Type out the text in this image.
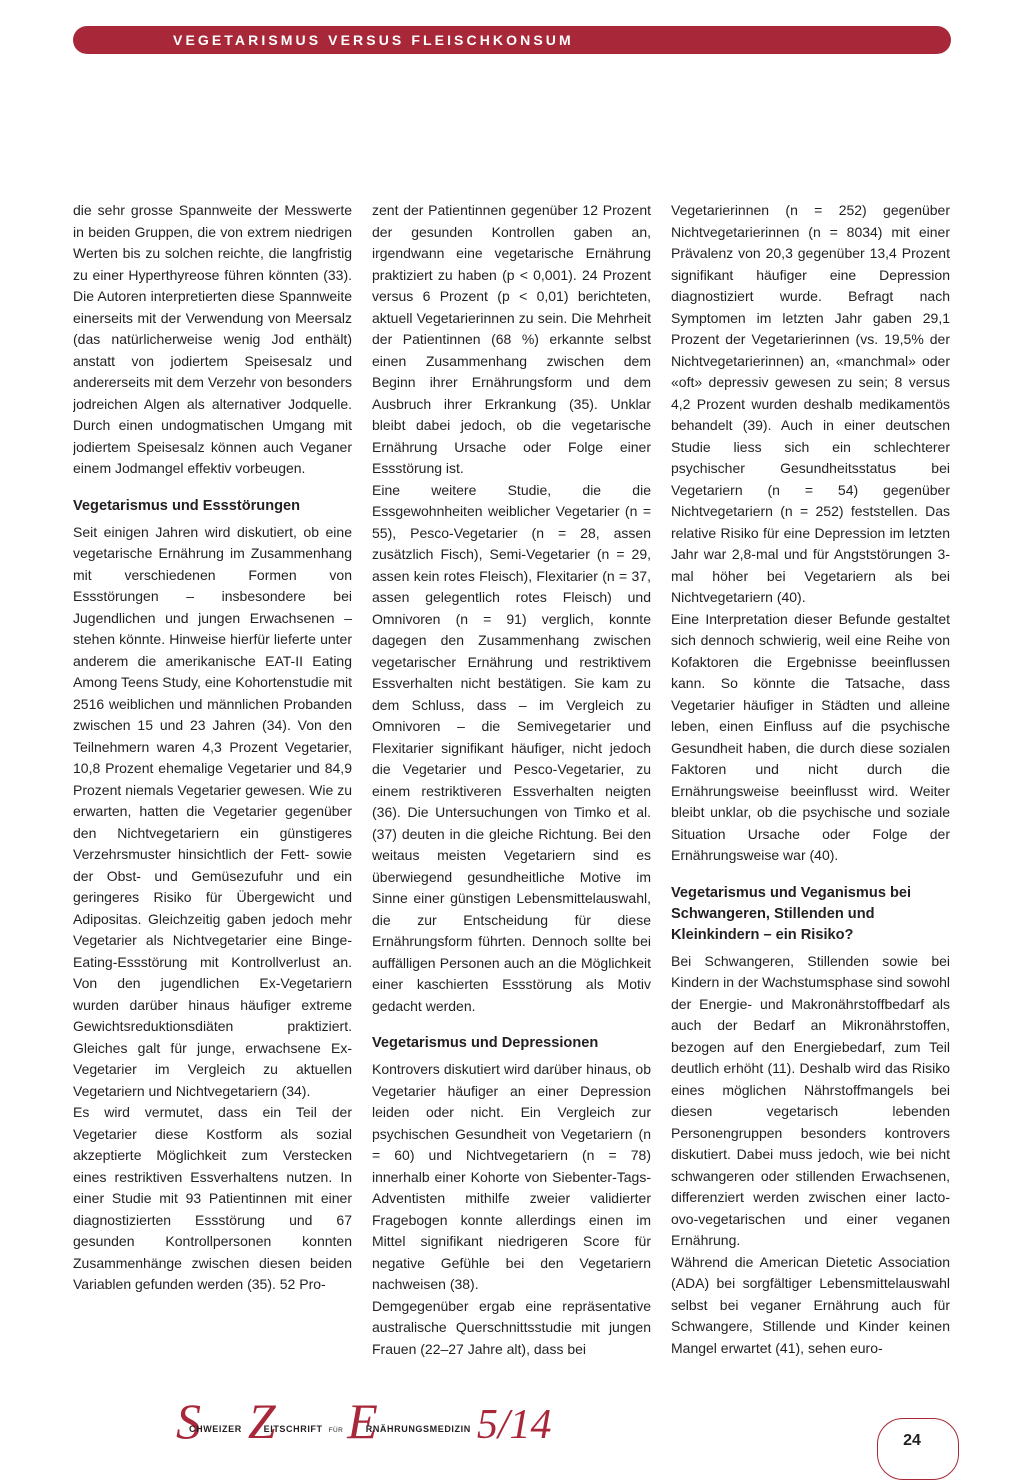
VEGETARISMUS VERSUS FLEISCHKONSUM

die sehr grosse Spannweite der Messwerte in beiden Gruppen, die von extrem niedrigen Werten bis zu solchen reichte, die langfristig zu einer Hyperthyreose führen könnten (33). Die Autoren interpretierten diese Spannweite einerseits mit der Verwendung von Meersalz (das natürlicherweise wenig Jod enthält) anstatt von jodiertem Speisesalz und andererseits mit dem Verzehr von besonders jodreichen Algen als alternativer Jodquelle. Durch einen undogmatischen Umgang mit jodiertem Speisesalz können auch Veganer einem Jodmangel effektiv vorbeugen.

Vegetarismus und Essstörungen

Seit einigen Jahren wird diskutiert, ob eine vegetarische Ernährung im Zusammenhang mit verschiedenen Formen von Essstörungen – insbesondere bei Jugendlichen und jungen Erwachsenen – stehen könnte. Hinweise hierfür lieferte unter anderem die amerikanische EAT-II Eating Among Teens Study, eine Kohortenstudie mit 2516 weiblichen und männlichen Probanden zwischen 15 und 23 Jahren (34). Von den Teilnehmern waren 4,3 Prozent Vegetarier, 10,8 Prozent ehemalige Vegetarier und 84,9 Prozent niemals Vegetarier gewesen. Wie zu erwarten, hatten die Vegetarier gegenüber den Nichtvegetariern ein günstigeres Verzehrsmuster hinsichtlich der Fett- sowie der Obst- und Gemüsezufuhr und ein geringeres Risiko für Übergewicht und Adipositas. Gleichzeitig gaben jedoch mehr Vegetarier als Nichtvegetarier eine Binge-Eating-Essstörung mit Kontrollverlust an. Von den jugendlichen Ex-Vegetariern wurden darüber hinaus häufiger extreme Gewichtsreduktionsdiäten praktiziert. Gleiches galt für junge, erwachsene Ex-Vegetarier im Vergleich zu aktuellen Vegetariern und Nichtvegetariern (34).

Es wird vermutet, dass ein Teil der Vegetarier diese Kostform als sozial akzeptierte Möglichkeit zum Verstecken eines restriktiven Essverhaltens nutzen. In einer Studie mit 93 Patientinnen mit einer diagnostizierten Essstörung und 67 gesunden Kontrollpersonen konnten Zusammenhänge zwischen diesen beiden Variablen gefunden werden (35). 52 Pro-

zent der Patientinnen gegenüber 12 Prozent der gesunden Kontrollen gaben an, irgendwann eine vegetarische Ernährung praktiziert zu haben (p < 0,001). 24 Prozent versus 6 Prozent (p < 0,01) berichteten, aktuell Vegetarierinnen zu sein. Die Mehrheit der Patientinnen (68 %) erkannte selbst einen Zusammenhang zwischen dem Beginn ihrer Ernährungsform und dem Ausbruch ihrer Erkrankung (35). Unklar bleibt dabei jedoch, ob die vegetarische Ernährung Ursache oder Folge einer Essstörung ist.

Eine weitere Studie, die die Essgewohnheiten weiblicher Vegetarier (n = 55), Pesco-Vegetarier (n = 28, assen zusätzlich Fisch), Semi-Vegetarier (n = 29, assen kein rotes Fleisch), Flexitarier (n = 37, assen gelegentlich rotes Fleisch) und Omnivoren (n = 91) verglich, konnte dagegen den Zusammenhang zwischen vegetarischer Ernährung und restriktivem Essverhalten nicht bestätigen. Sie kam zu dem Schluss, dass – im Vergleich zu Omnivoren – die Semivegetarier und Flexitarier signifikant häufiger, nicht jedoch die Vegetarier und Pesco-Vegetarier, zu einem restriktiveren Essverhalten neigten (36). Die Untersuchungen von Timko et al. (37) deuten in die gleiche Richtung. Bei den weitaus meisten Vegetariern sind es überwiegend gesundheitliche Motive im Sinne einer günstigen Lebensmittelauswahl, die zur Entscheidung für diese Ernährungsform führten. Dennoch sollte bei auffälligen Personen auch an die Möglichkeit einer kaschierten Essstörung als Motiv gedacht werden.

Vegetarismus und Depressionen

Kontrovers diskutiert wird darüber hinaus, ob Vegetarier häufiger an einer Depression leiden oder nicht. Ein Vergleich zur psychischen Gesundheit von Vegetariern (n = 60) und Nichtvegetariern (n = 78) innerhalb einer Kohorte von Siebenter-Tags-Adventisten mithilfe zweier validierter Fragebogen konnte allerdings einen im Mittel signifikant niedrigeren Score für negative Gefühle bei den Vegetariern nachweisen (38).

Demgegenüber ergab eine repräsentative australische Querschnittsstudie mit jungen Frauen (22–27 Jahre alt), dass bei

Vegetarierinnen (n = 252) gegenüber Nichtvegetarierinnen (n = 8034) mit einer Prävalenz von 20,3 gegenüber 13,4 Prozent signifikant häufiger eine Depression diagnostiziert wurde. Befragt nach Symptomen im letzten Jahr gaben 29,1 Prozent der Vegetarierinnen (vs. 19,5% der Nichtvegetarierinnen) an, «manchmal» oder «oft» depressiv gewesen zu sein; 8 versus 4,2 Prozent wurden deshalb medikamentös behandelt (39). Auch in einer deutschen Studie liess sich ein schlechterer psychischer Gesundheitsstatus bei Vegetariern (n = 54) gegenüber Nichtvegetariern (n = 252) feststellen. Das relative Risiko für eine Depression im letzten Jahr war 2,8-mal und für Angststörungen 3-mal höher bei Vegetariern als bei Nichtvegetariern (40).

Eine Interpretation dieser Befunde gestaltet sich dennoch schwierig, weil eine Reihe von Kofaktoren die Ergebnisse beeinflussen kann. So könnte die Tatsache, dass Vegetarier häufiger in Städten und alleine leben, einen Einfluss auf die psychische Gesundheit haben, die durch diese sozialen Faktoren und nicht durch die Ernährungsweise beeinflusst wird. Weiter bleibt unklar, ob die psychische und soziale Situation Ursache oder Folge der Ernährungsweise war (40).

Vegetarismus und Veganismus bei Schwangeren, Stillenden und Kleinkindern – ein Risiko?

Bei Schwangeren, Stillenden sowie bei Kindern in der Wachstumsphase sind sowohl der Energie- und Makronährstoffbedarf als auch der Bedarf an Mikronährstoffen, bezogen auf den Energiebedarf, zum Teil deutlich erhöht (11). Deshalb wird das Risiko eines möglichen Nährstoffmangels bei diesen vegetarisch lebenden Personengruppen besonders kontrovers diskutiert. Dabei muss jedoch, wie bei nicht schwangeren oder stillenden Erwachsenen, differenziert werden zwischen einer lacto-ovo-vegetarischen und einer veganen Ernährung.

Während die American Dietetic Association (ADA) bei sorgfältiger Lebensmittelauswahl selbst bei veganer Ernährung auch für Schwangere, Stillende und Kinder keinen Mangel erwartet (41), sehen euro-

SCHWEIZER ZEITSCHRIFT FÜRERNÄHRUNGSMEDIZIN 5/14	24
